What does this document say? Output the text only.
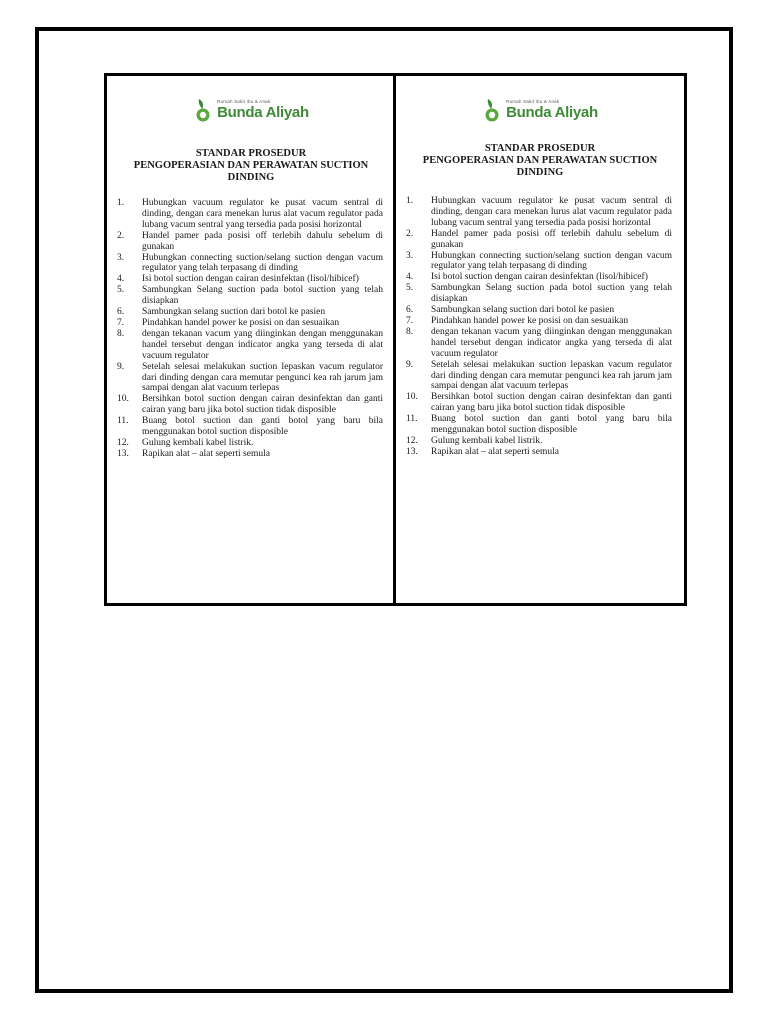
Rumah Sakit Ibu & Anak
Bunda Aliyah
STANDAR PROSEDUR
PENGOPERASIAN DAN PERAWATAN SUCTION
DINDING
1.	Hubungkan vacuum regulator ke pusat vacum sentral di dinding, dengan cara menekan lurus alat vacum regulator pada lubang vacum sentral yang tersedia pada posisi horizontal
2.	Handel pamer pada posisi off terlebih dahulu sebelum di gunakan
3.	Hubungkan connecting suction/selang suction dengan vacum regulator yang telah terpasang di dinding
4.	Isi botol suction dengan cairan desinfektan (lisol/hibicef)
5.	Sambungkan Selang suction pada botol suction yang telah disiapkan
6.	Sambungkan selang suction dari botol ke pasien
7.	Pindahkan handel power ke posisi on dan sesuaikan
8.	dengan tekanan vacum yang diinginkan dengan menggunakan handel tersebut dengan indicator angka yang terseda di alat vacuum regulator
9.	Setelah selesai melakukan suction lepaskan vacum regulator dari dinding dengan cara memutar pengunci kea rah jarum jam sampai dengan alat vacuum terlepas
10.	Bersihkan botol suction dengan cairan desinfektan dan ganti cairan yang baru jika botol suction tidak disposible
11.	Buang botol suction dan ganti botol yang baru bila menggunakan botol suction disposible
12.	Gulung kembali kabel listrik.
13.	Rapikan alat – alat seperti semula
Rumah Sakit Ibu & Anak
Bunda Aliyah
STANDAR PROSEDUR
PENGOPERASIAN DAN PERAWATAN SUCTION
DINDING
1.	Hubungkan vacuum regulator ke pusat vacum sentral di dinding, dengan cara menekan lurus alat vacum regulator pada lubang vacum sentral yang tersedia pada posisi horizontal
2.	Handel pamer pada posisi off terlebih dahulu sebelum di gunakan
3.	Hubungkan connecting suction/selang suction dengan vacum regulator yang telah terpasang di dinding
4.	Isi botol suction dengan cairan desinfektan (lisol/hibicef)
5.	Sambungkan Selang suction pada botol suction yang telah disiapkan
6.	Sambungkan selang suction dari botol ke pasien
7.	Pindahkan handel power ke posisi on dan sesuaikan
8.	dengan tekanan vacum yang diinginkan dengan menggunakan handel tersebut dengan indicator angka yang terseda di alat vacuum regulator
9.	Setelah selesai melakukan suction lepaskan vacum regulator dari dinding dengan cara memutar pengunci kea rah jarum jam sampai dengan alat vacuum terlepas
10.	Bersihkan botol suction dengan cairan desinfektan dan ganti cairan yang baru jika botol suction tidak disposible
11.	Buang botol suction dan ganti botol yang baru bila menggunakan botol suction disposible
12.	Gulung kembali kabel listrik.
13.	Rapikan alat – alat seperti semula
